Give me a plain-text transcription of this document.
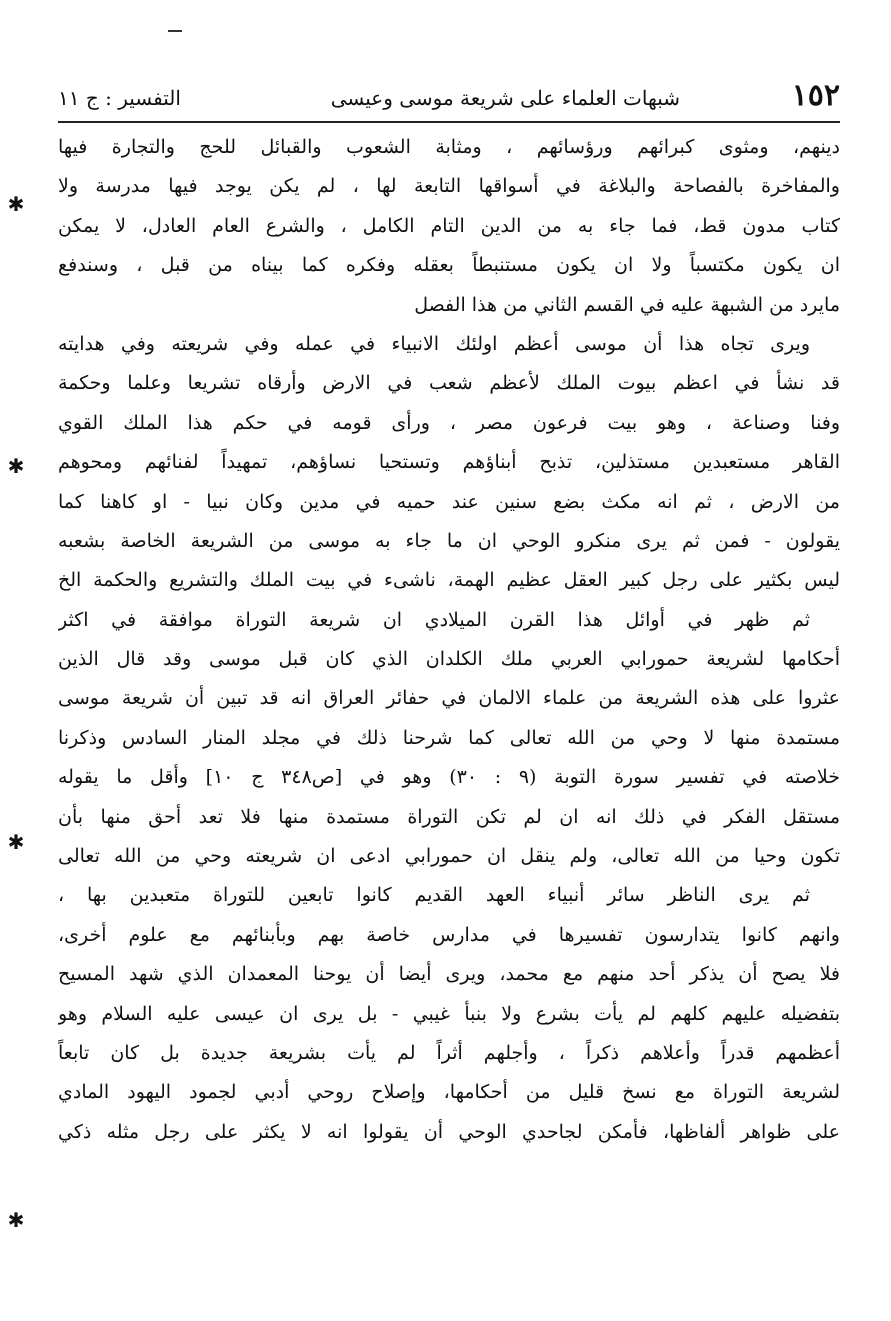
١٥٢
شبهات العلماء على شريعة موسى وعيسى
التفسير : ج ١١
دينهم، ومثوى كبرائهم ورؤسائهم ، ومثابة الشعوب والقبائل للحج والتجارة فيها
والمفاخرة بالفصاحة والبلاغة في أسواقها التابعة لها ، لم يكن يوجد فيها مدرسة ولا
كتاب مدون قط، فما جاء به من الدين التام الكامل ، والشرع العام العادل، لا يمكن
ان يكون مكتسباً ولا ان يكون مستنبطاً بعقله وفكره كما بيناه من قبل ، وسندفع
مايرد من الشبهة عليه في القسم الثاني من هذا الفصل
ويرى تجاه هذا أن موسى أعظم اولئك الانبياء في عمله وفي شريعته وفي هدايته
قد نشأ في اعظم بيوت الملك لأعظم شعب في الارض وأرقاه تشريعا وعلما وحكمة
وفنا وصناعة ، وهو بيت فرعون مصر ، ورأى قومه في حكم هذا الملك القوي
القاهر مستعبدين مستذلين، تذبح أبناؤهم وتستحيا نساؤهم، تمهيداً لفنائهم ومحوهم
من الارض ، ثم انه مكث بضع سنين عند حميه في مدين وكان نبيا - او كاهنا كما
يقولون - فمن ثم يرى منكرو الوحي ان ما جاء به موسى من الشريعة الخاصة بشعبه
ليس بكثير على رجل كبير العقل عظيم الهمة، ناشىء في بيت الملك والتشريع والحكمة الخ
ثم ظهر في أوائل هذا القرن الميلادي ان شريعة التوراة موافقة في اكثر
أحكامها لشريعة حمورابي العربي ملك الكلدان الذي كان قبل موسى وقد قال الذين
عثروا على هذه الشريعة من علماء الالمان في حفائر العراق انه قد تبين أن شريعة موسى
مستمدة منها لا وحي من الله تعالى كما شرحنا ذلك في مجلد المنار السادس وذكرنا
خلاصته في تفسير سورة التوبة (٩ : ٣٠) وهو في [ص٣٤٨ ج ١٠] وأقل ما يقوله
مستقل الفكر في ذلك انه ان لم تكن التوراة مستمدة منها فلا تعد أحق منها بأن
تكون وحيا من الله تعالى، ولم ينقل ان حمورابي ادعى ان شريعته وحي من الله تعالى
ثم يرى الناظر سائر أنبياء العهد القديم كانوا تابعين للتوراة متعبدين بها ،
وانهم كانوا يتدارسون تفسيرها في مدارس خاصة بهم وبأبنائهم مع علوم أخرى،
فلا يصح أن يذكر أحد منهم مع محمد، ويرى أيضا أن يوحنا المعمدان الذي شهد المسيح
بتفضيله عليهم كلهم لم يأت بشرع ولا بنبأ غيبي - بل يرى ان عيسى عليه السلام وهو
أعظمهم قدراً وأعلاهم ذكراً ، وأجلهم أثراً لم يأت بشريعة جديدة بل كان تابعاً
لشريعة التوراة مع نسخ قليل من أحكامها، وإصلاح روحي أدبي لجمود اليهود المادي
على ظواهر ألفاظها، فأمكن لجاحدي الوحي أن يقولوا انه لا يكثر على رجل مثله ذكي
✱
✱
✱
✱
